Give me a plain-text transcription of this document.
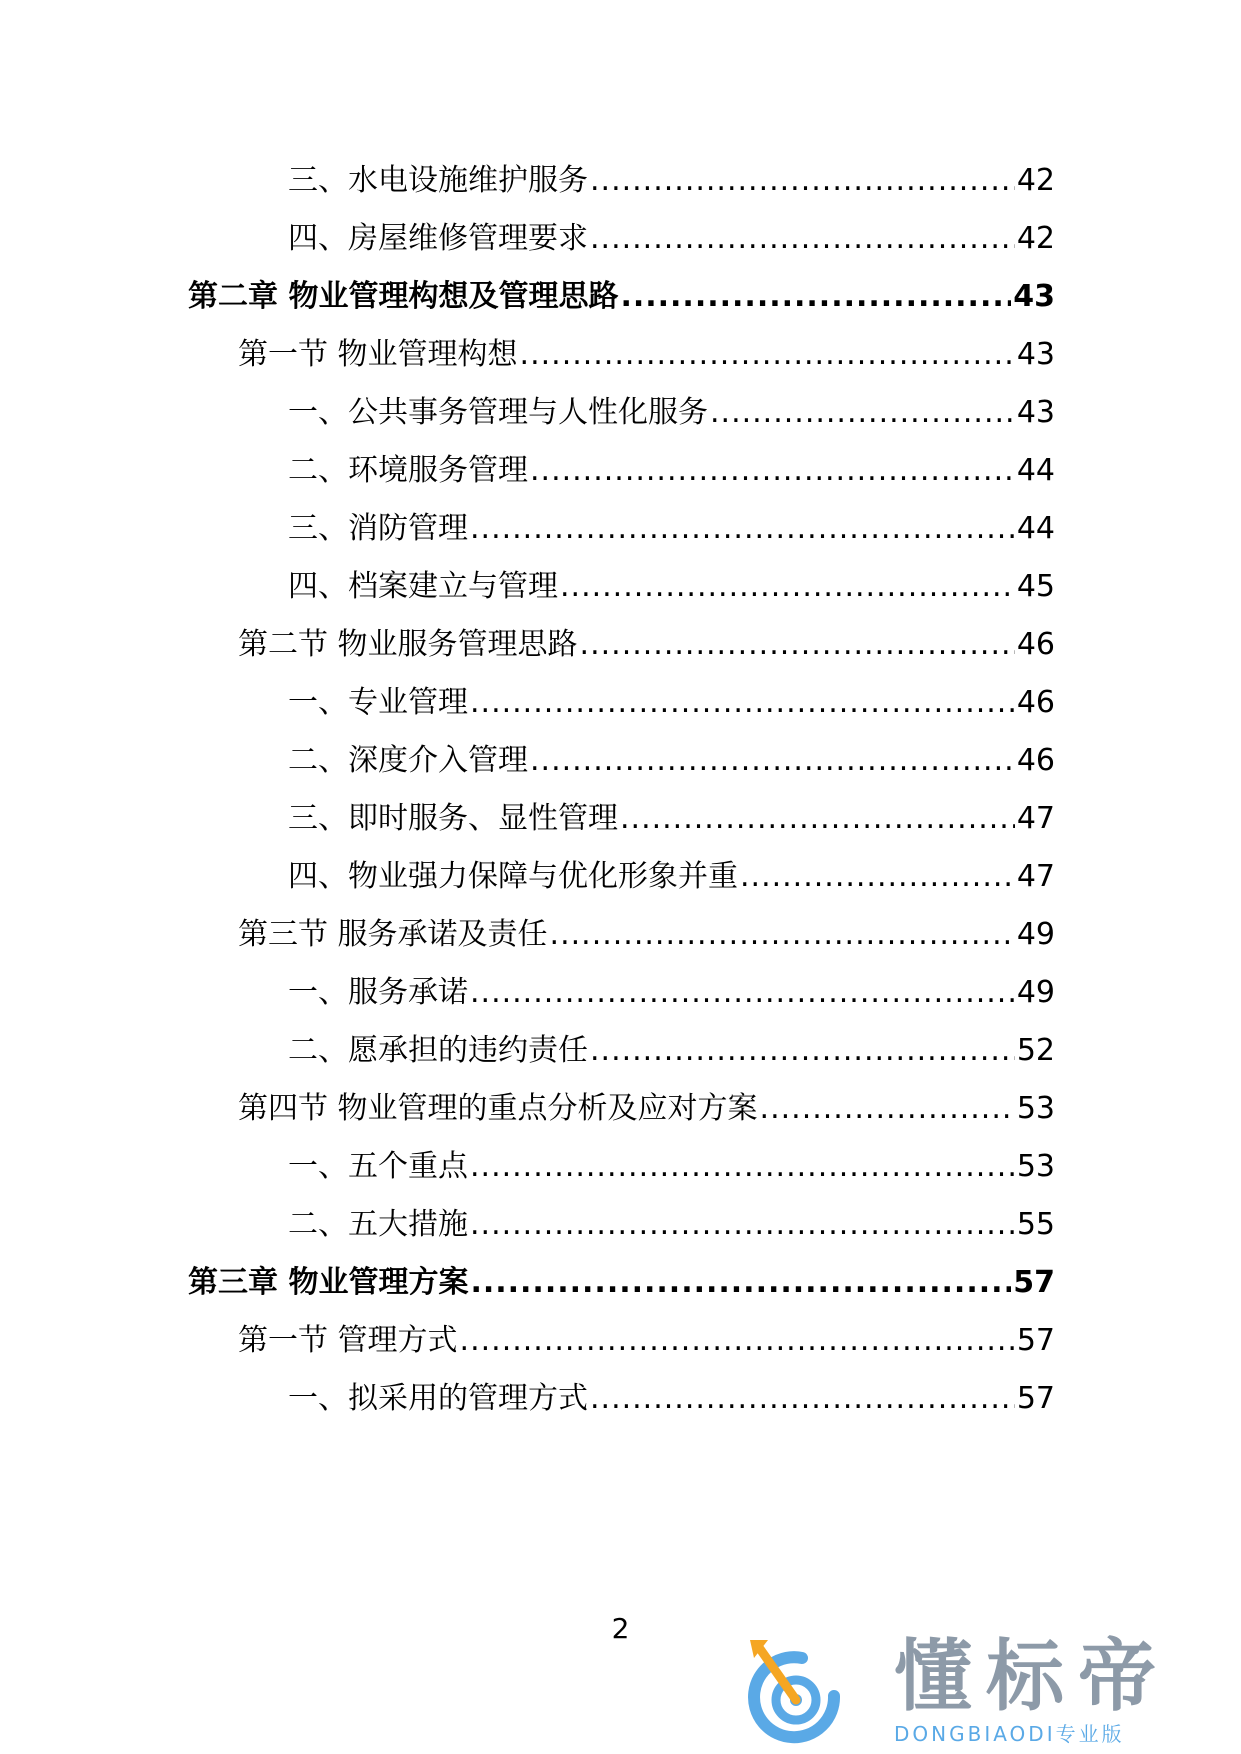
三、水电设施维护服务 .....	42
四、房屋维修管理要求 .....	42
第二章 物业管理构想及管理思路 .....	43
第一节 物业管理构想 .....	43
一、公共事务管理与人性化服务 .....	43
二、环境服务管理 .....	44
三、消防管理 .....	44
四、档案建立与管理 .....	45
第二节 物业服务管理思路 .....	46
一、专业管理 .....	46
二、深度介入管理 .....	46
三、即时服务、显性管理 .....	47
四、物业强力保障与优化形象并重 .....	47
第三节 服务承诺及责任 .....	49
一、服务承诺 .....	49
二、愿承担的违约责任 .....	52
第四节 物业管理的重点分析及应对方案 .....	53
一、五个重点 .....	53
二、五大措施 .....	55
第三章 物业管理方案 .....	57
第一节 管理方式 .....	57
一、拟采用的管理方式 .....	57
2
懂标帝
DONGBIAODI专业版
